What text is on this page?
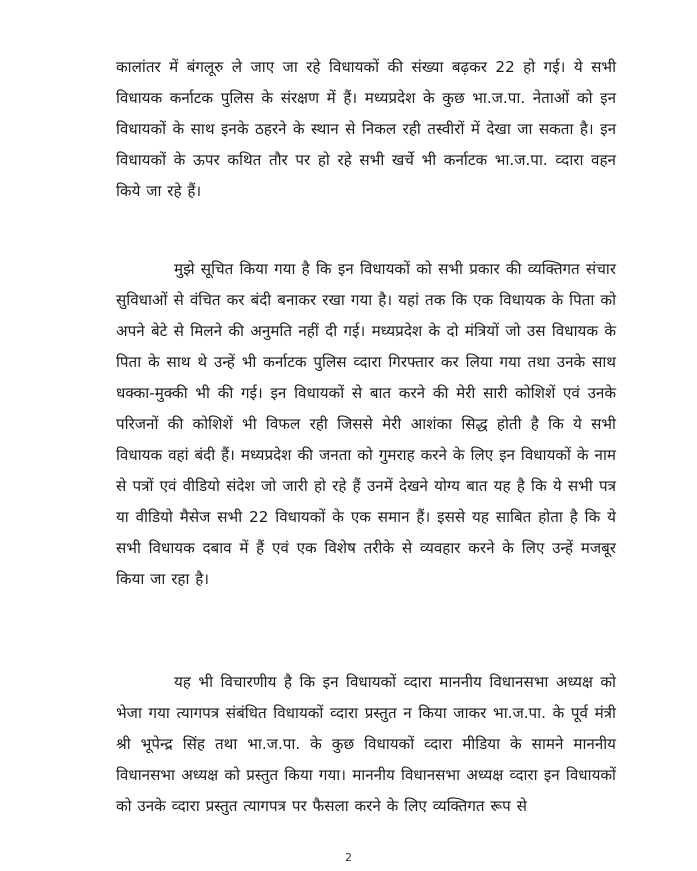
कालांतर में बंगलूरु ले जाए जा रहे विधायकों की संख्या बढ़कर 22 हो गई। ये सभी विधायक कर्नाटक पुलिस के संरक्षण में हैं। मध्यप्रदेश के कुछ भा.ज.पा. नेताओं को इन विधायकों के साथ इनके ठहरने के स्थान से निकल रही तस्वीरों में देखा जा सकता है। इन विधायकों के ऊपर कथित तौर पर हो रहे सभी खर्चे भी कर्नाटक भा.ज.पा. व्दारा वहन किये जा रहे हैं।

मुझे सूचित किया गया है कि इन विधायकों को सभी प्रकार की व्यक्तिगत संचार सुविधाओं से वंचित कर बंदी बनाकर रखा गया है। यहां तक कि एक विधायक के पिता को अपने बेटे से मिलने की अनुमति नहीं दी गई। मध्यप्रदेश के दो मंत्रियों जो उस विधायक के पिता के साथ थे उन्हें भी कर्नाटक पुलिस व्दारा गिरफ्तार कर लिया गया तथा उनके साथ धक्का-मुक्की भी की गई। इन विधायकों से बात करने की मेरी सारी कोशिशें एवं उनके परिजनों की कोशिशें भी विफल रही जिससे मेरी आशंका सिद्ध होती है कि ये सभी विधायक वहां बंदी हैं। मध्यप्रदेश की जनता को गुमराह करने के लिए इन विधायकों के नाम से पत्रों एवं वीडियो संदेश जो जारी हो रहे हैं उनमें देखने योग्य बात यह है कि ये सभी पत्र या वीडियो मैसेज सभी 22 विधायकों के एक समान हैं। इससे यह साबित होता है कि ये सभी विधायक दबाव में हैं एवं एक विशेष तरीके से व्यवहार करने के लिए उन्हें मजबूर किया जा रहा है।

यह भी विचारणीय है कि इन विधायकों व्दारा माननीय विधानसभा अध्यक्ष को भेजा गया त्यागपत्र संबंधित विधायकों व्दारा प्रस्तुत न किया जाकर भा.ज.पा. के पूर्व मंत्री श्री भूपेन्द्र सिंह तथा भा.ज.पा. के कुछ विधायकों व्दारा मीडिया के सामने माननीय विधानसभा अध्यक्ष को प्रस्तुत किया गया। माननीय विधानसभा अध्यक्ष व्दारा इन विधायकों को उनके व्दारा प्रस्तुत त्यागपत्र पर फैसला करने के लिए व्यक्तिगत रूप से

2
